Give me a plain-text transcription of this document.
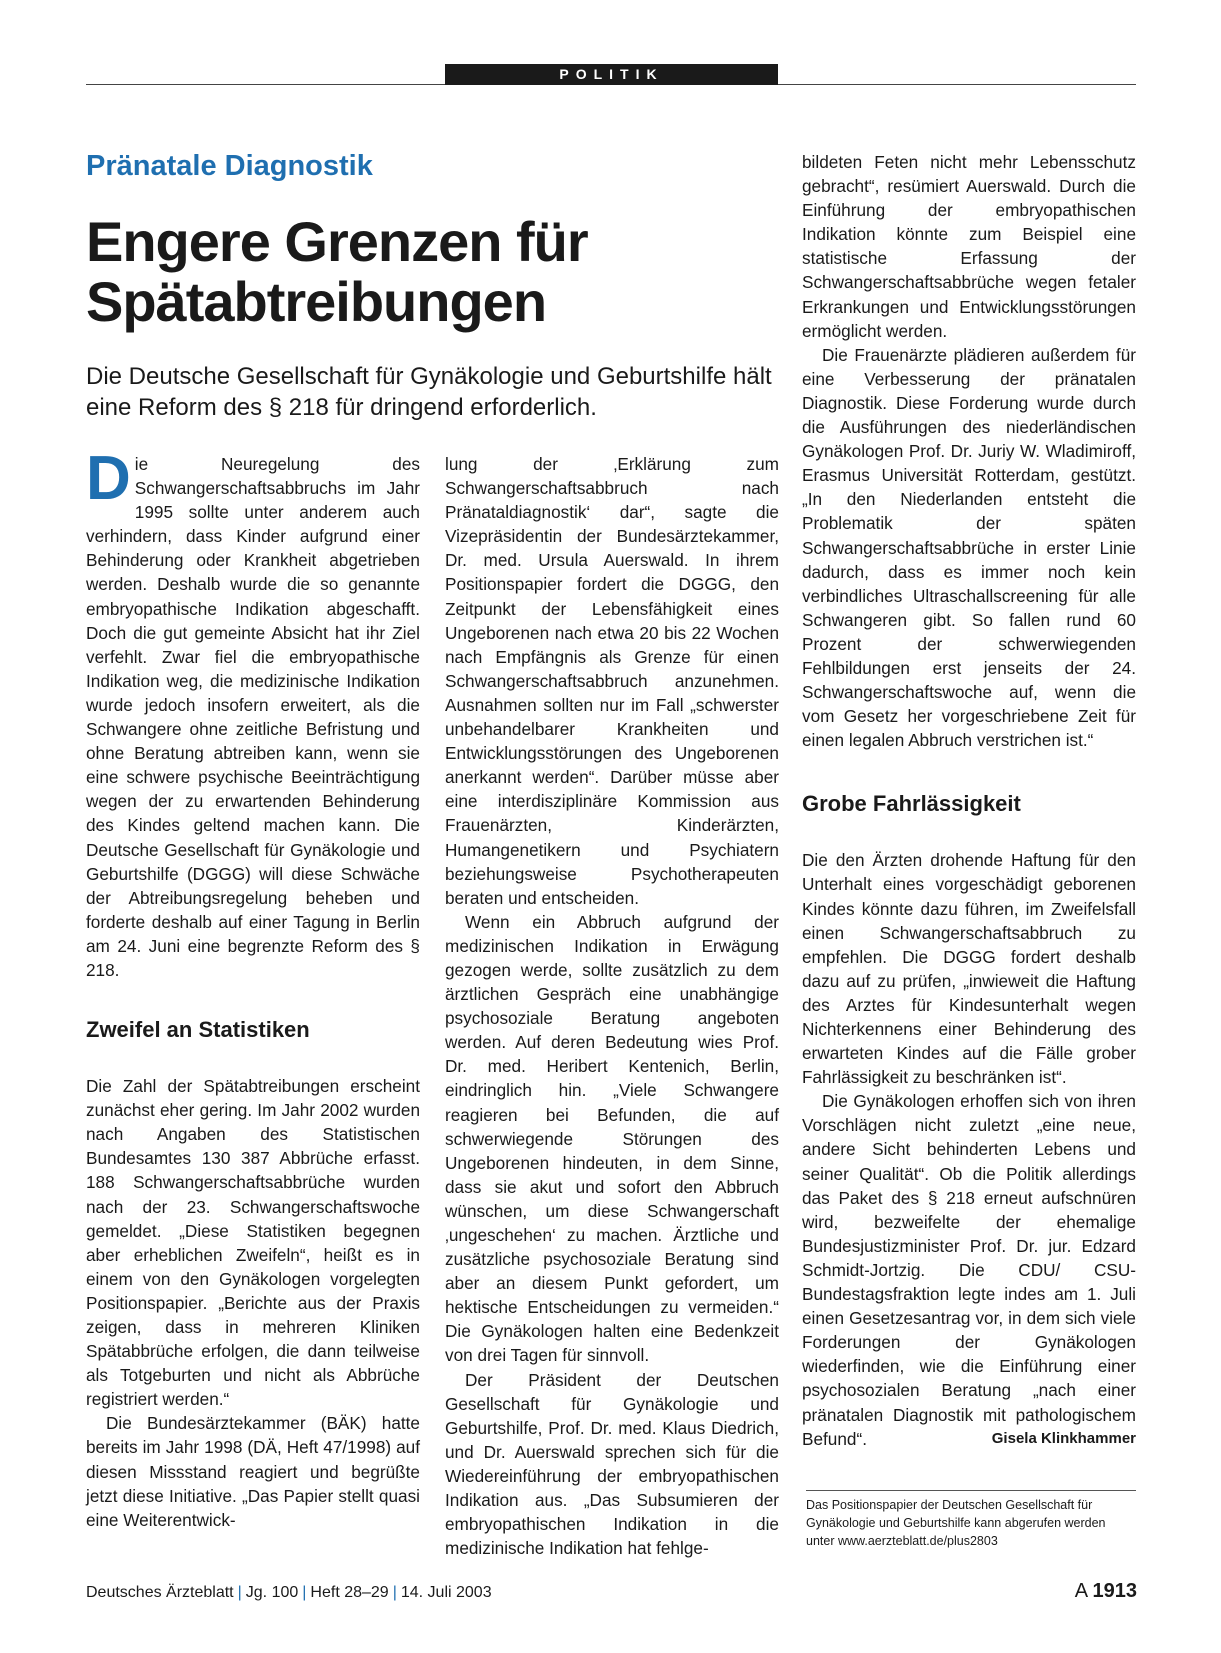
POLITIK
Pränatale Diagnostik
Engere Grenzen für Spätabtreibungen
Die Deutsche Gesellschaft für Gynäkologie und Geburtshilfe hält eine Reform des § 218 für dringend erforderlich.

Die Neuregelung des Schwangerschaftsabbruchs im Jahr 1995 sollte unter anderem auch verhindern, dass Kinder aufgrund einer Behinderung oder Krankheit abgetrieben werden. Deshalb wurde die so genannte embryopathische Indikation abgeschafft. Doch die gut gemeinte Absicht hat ihr Ziel verfehlt. Zwar fiel die embryopathische Indikation weg, die medizinische Indikation wurde jedoch insofern erweitert, als die Schwangere ohne zeitliche Befristung und ohne Beratung abtreiben kann, wenn sie eine schwere psychische Beeinträchtigung wegen der zu erwartenden Behinderung des Kindes geltend machen kann. Die Deutsche Gesellschaft für Gynäkologie und Geburtshilfe (DGGG) will diese Schwäche der Abtreibungsregelung beheben und forderte deshalb auf einer Tagung in Berlin am 24. Juni eine begrenzte Reform des § 218.

Zweifel an Statistiken

Die Zahl der Spätabtreibungen erscheint zunächst eher gering. Im Jahr 2002 wurden nach Angaben des Statistischen Bundesamtes 130 387 Abbrüche erfasst. 188 Schwangerschaftsabbrüche wurden nach der 23. Schwangerschaftswoche gemeldet. „Diese Statistiken begegnen aber erheblichen Zweifeln“, heißt es in einem von den Gynäkologen vorgelegten Positionspapier. „Berichte aus der Praxis zeigen, dass in mehreren Kliniken Spätabbrüche erfolgen, die dann teilweise als Totgeburten und nicht als Abbrüche registriert werden.“

Die Bundesärztekammer (BÄK) hatte bereits im Jahr 1998 (DÄ, Heft 47/1998) auf diesen Missstand reagiert und begrüßte jetzt diese Initiative. „Das Papier stellt quasi eine Weiterentwick-

lung der ‚Erklärung zum Schwangerschaftsabbruch nach Pränataldiagnostik‘ dar“, sagte die Vizepräsidentin der Bundesärztekammer, Dr. med. Ursula Auerswald. In ihrem Positionspapier fordert die DGGG, den Zeitpunkt der Lebensfähigkeit eines Ungeborenen nach etwa 20 bis 22 Wochen nach Empfängnis als Grenze für einen Schwangerschaftsabbruch anzunehmen. Ausnahmen sollten nur im Fall „schwerster unbehandelbarer Krankheiten und Entwicklungsstörungen des Ungeborenen anerkannt werden“. Darüber müsse aber eine interdisziplinäre Kommission aus Frauenärzten, Kinderärzten, Humangenetikern und Psychiatern beziehungsweise Psychotherapeuten beraten und entscheiden.

Wenn ein Abbruch aufgrund der medizinischen Indikation in Erwägung gezogen werde, sollte zusätzlich zu dem ärztlichen Gespräch eine unabhängige psychosoziale Beratung angeboten werden. Auf deren Bedeutung wies Prof. Dr. med. Heribert Kentenich, Berlin, eindringlich hin. „Viele Schwangere reagieren bei Befunden, die auf schwerwiegende Störungen des Ungeborenen hindeuten, in dem Sinne, dass sie akut und sofort den Abbruch wünschen, um diese Schwangerschaft ‚ungeschehen‘ zu machen. Ärztliche und zusätzliche psychosoziale Beratung sind aber an diesem Punkt gefordert, um hektische Entscheidungen zu vermeiden.“ Die Gynäkologen halten eine Bedenkzeit von drei Tagen für sinnvoll.

Der Präsident der Deutschen Gesellschaft für Gynäkologie und Geburtshilfe, Prof. Dr. med. Klaus Diedrich, und Dr. Auerswald sprechen sich für die Wiedereinführung der embryopathischen Indikation aus. „Das Subsumieren der embryopathischen Indikation in die medizinische Indikation hat fehlge-

bildeten Feten nicht mehr Lebensschutz gebracht“, resümiert Auerswald. Durch die Einführung der embryopathischen Indikation könnte zum Beispiel eine statistische Erfassung der Schwangerschaftsabbrüche wegen fetaler Erkrankungen und Entwicklungsstörungen ermöglicht werden.

Die Frauenärzte plädieren außerdem für eine Verbesserung der pränatalen Diagnostik. Diese Forderung wurde durch die Ausführungen des niederländischen Gynäkologen Prof. Dr. Juriy W. Wladimiroff, Erasmus Universität Rotterdam, gestützt. „In den Niederlanden entsteht die Problematik der späten Schwangerschaftsabbrüche in erster Linie dadurch, dass es immer noch kein verbindliches Ultraschallscreening für alle Schwangeren gibt. So fallen rund 60 Prozent der schwerwiegenden Fehlbildungen erst jenseits der 24. Schwangerschaftswoche auf, wenn die vom Gesetz her vorgeschriebene Zeit für einen legalen Abbruch verstrichen ist.“

Grobe Fahrlässigkeit

Die den Ärzten drohende Haftung für den Unterhalt eines vorgeschädigt geborenen Kindes könnte dazu führen, im Zweifelsfall einen Schwangerschaftsabbruch zu empfehlen. Die DGGG fordert deshalb dazu auf zu prüfen, „inwieweit die Haftung des Arztes für Kindesunterhalt wegen Nichterkennens einer Behinderung des erwarteten Kindes auf die Fälle grober Fahrlässigkeit zu beschränken ist“.

Die Gynäkologen erhoffen sich von ihren Vorschlägen nicht zuletzt „eine neue, andere Sicht behinderten Lebens und seiner Qualität“. Ob die Politik allerdings das Paket des § 218 erneut aufschnüren wird, bezweifelte der ehemalige Bundesjustizminister Prof. Dr. jur. Edzard Schmidt-Jortzig. Die CDU/ CSU-Bundestagsfraktion legte indes am 1. Juli einen Gesetzesantrag vor, in dem sich viele Forderungen der Gynäkologen wiederfinden, wie die Einführung einer psychosozialen Beratung „nach einer pränatalen Diagnostik mit pathologischem Befund“.	Gisela Klinkhammer

Das Positionspapier der Deutschen Gesellschaft für Gynäkologie und Geburtshilfe kann abgerufen werden unter www.aerzteblatt.de/plus2803
Deutsches Ärzteblatt | Jg. 100 | Heft 28–29 | 14. Juli 2003	A 1913
